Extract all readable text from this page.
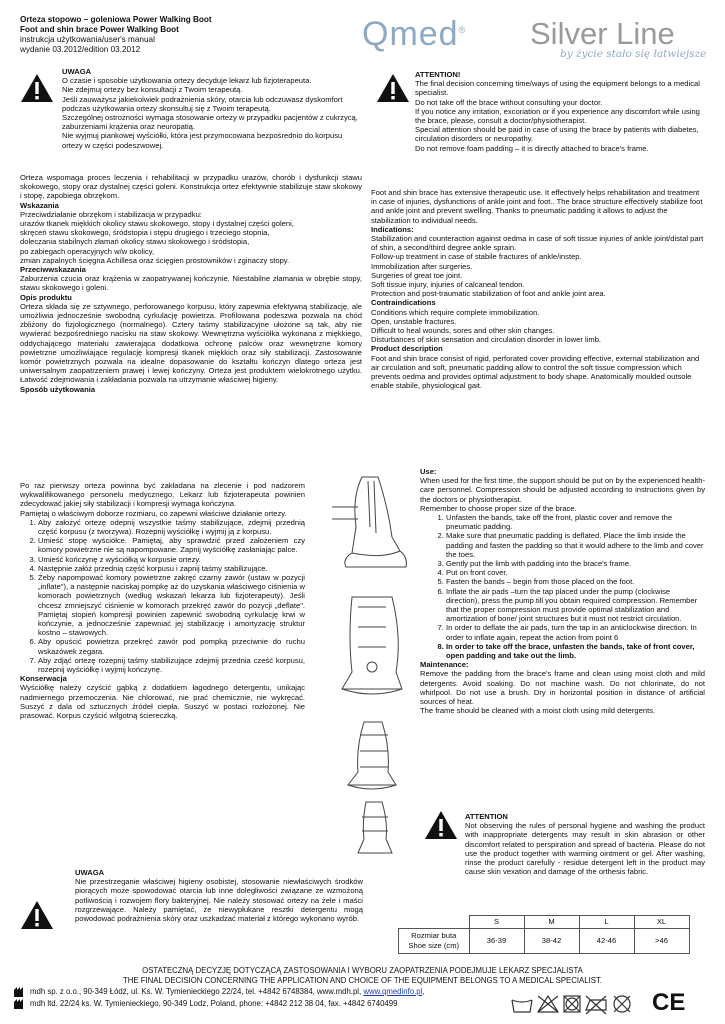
Orteza stopowo – goleniowa Power Walking Boot

Foot and shin brace Power Walking Boot

instrukcja użytkowania/user's manual

wydanie 03.2012/edition 03.2012	Qmed® Silver Line
by życie stało się łatwiejsze

UWAGA

O czasie i sposobie użytkowania ortezy decyduje lekarz lub fizjoterapeuta.

Nie zdejmuj ortezy bez konsultacji z Twoim terapeutą.

Jeśli zauważysz jakiekolwiek podrażnienia skóry, otarcia lub odczuwasz dyskomfort podczas użytkowania ortezy skonsultuj się z Twoim terapeutą.

Szczególnej ostrożności wymaga stosowanie ortezy w przypadku pacjentów z cukrzycą, zaburzeniami krążenia oraz neuropatią.

Nie wyjmuj piankowej wyściółki, która jest przymocowana bezpośrednio do korpusu ortezy w części podeszwowej.

Orteza wspomaga proces leczenia i rehabilitacji w przypadku urazów, chorób i dysfunkcji stawu skokowego, stopy oraz dystalnej części goleni. Konstrukcja ortez efektywnie stabilizuje staw skokowy i stopę, zapobiega obrzękom.

Wskazania

Przeciwdziałanie obrzękom i stabilizacja w przypadku:

urazów tkanek miękkich okolicy stawu skokowego, stopy i dystalnej części goleni,

skręceń stawu skokowego, śródstopia i stępu drugiego i trzeciego stopnia,

doleczania stabilnych złamań okolicy stawu skokowego i śródstopia,

po zabiegach operacyjnych w/w okolicy,

zmian zapalnych ścięgna Achillesa oraz ścięgien prostowników i zginaczy stopy.

Przeciwwskazania

Zaburzenia czucia oraz krążenia w zaopatrywanej kończynie. Niestabilne złamania w obrębie stopy, stawu skokowego i goleni.

Opis produktu

Orteza składa się ze sztywnego, perforowanego korpusu, który zapewnia efektywną stabilizację, ale umożliwia jednocześnie swobodną cyrkulację powietrza. Profilowana podeszwa pozwala na chód zbliżony do fizjologicznego (normalnego). Cztery taśmy stabilizacyjne ułożone są tak, aby nie wywierać bezpośredniego nacisku na staw skokowy. Wewnętrzna wyściółka wykonana z miękkiego, oddychającego materiału zawierająca dodatkowa ochronę palców oraz wewnętrzne komory powietrzne umożliwiające regulację kompresji tkanek miękkich oraz siły stabilizacji. Zastosowanie komór powietrznych pozwala na idealne dopasowanie do kształtu kończyn dlatego orteza jest uniwersalnym zaopatrzeniem prawej i lewej kończyny. Orteza jest produktem wielokrotnego użytku. Łatwość zdejmowania i zakładania pozwala na utrzymanie właściwej higieny.

Sposób użytkowania

Po raz pierwszy orteza powinna być zakładana na zlecenie i pod nadzorem wykwalifikowanego personelu medycznego. Lekarz lub fizjoterapeuta powinien zdecydować jakiej siły stabilizacji i kompresji wymaga kończyna.

Pamiętaj o właściwym doborze rozmiaru, co zapewni właściwe działanie ortezy.

1. Aby założyć ortezę odepnij wszystkie taśmy stabilizujące, zdejmij przednią część korpusu (z tworzywa). Rozepnij wyściółkę i wyjmij ją z korpusu.
2. Umieść stopę wyściółce. Pamiętaj, aby sprawdzić przed założeniem czy komory powietrzne nie są napompowane. Zapnij wyściółkę zasłaniając palce.
3. Umieść kończynę z wyściółką w korpusie ortezy.
4. Następnie załóż przednią część korpusu i zapnij taśmy stabilizujące.
5. Żeby napompować komory powietrzne zakręć czarny zawór (ustaw w pozycji „inflate"), a następnie naciskaj pompkę aż do uzyskania właściwego ciśnienia w komorach powietrznych (według wskazań lekarza lub fizjoterapeuty). Jeśli chcesz zmniejszyć ciśnienie w komorach przekręć zawór do pozycji „deflate". Pamiętaj stopień kompresji powinien zapewnić swobodną cyrkulację krwi w kończynie, a jednocześnie zapewniać jej stabilizację i amortyzację struktur kostno – stawowych.
6. Aby opuścić powietrza przekręć zawór pod pompką przeciwnie do ruchu wskazówek zegara.
7. Aby zdjąć ortezę rozepnij taśmy stabilizujące zdejmij przednia cześć korpusu, rozepnij wyściółkę i wyjmij kończynę.

Konserwacja

Wyściółkę należy czyścić gąbką z dodatkiem łagodnego detergentu, unikając nadmiernego przemoczenia. Nie chlorować, nie prać chemicznie, nie wykręcać. Suszyć z dala od sztucznych źródeł ciepła. Suszyć w postaci rozłożonej. Nie prasować. Korpus czyścić wilgotną ściereczką.

UWAGA

Nie przestrzeganie właściwej higieny osobistej, stosowanie niewłaściwych środków piorących może spowodować otarcia lub inne dolegliwości związane ze wzmożoną potliwością i rozwojem flory bakteryjnej. Nie należy stosować ortezy na żele i maści rozgrzewające. Należy pamiętać, że niewypłukane resztki detergentu mogą powodować podrażnienia skóry oraz uszkadzać materiał z którego wykonano wyrób.

ATTENTION!

The final decision concerning time/ways of using the equipment belongs to a medical specialist.

Do not take off the brace without consulting your doctor.

If you notice any irritation, excoriation or if you experience any discomfort while using the brace, please, consult a doctor/physiotherapist.

Special attention should be paid in case of using the brace by patients with diabetes, circulation disorders or neuropathy.

Do not remove foam padding – it is directly attached to brace's frame.

Foot and shin brace has extensive therapeutic use. It effectively helps rehabilitation and treatment in case of injuries, dysfunctions of ankle joint and foot.. The brace structure effectively stabilize foot and ankle joint and prevent swelling. Thanks to pneumatic padding it allows to adjust the stabilization to individual needs.

Indications:

Stabilization and counteraction against oedma in case of soft tissue injuries of ankle joint/distal part of shin, a second/third degree ankle sprain.

Follow-up treatment in case of stabile fractures of ankle/instep.

Immobilization after surgeries.

Surgeries of great toe joint.

Soft tissue injury, injuries of calcaneal tendon.

Protection and post-traumatic stabilization of foot and ankle joint area.

Contraindications

Conditions which require complete immobilization.

Open, unstable fractures.

Difficult to heal wounds, sores and other skin changes.

Disturbances of skin sensation and circulation disorder in lower limb.

Product description

Foot and shin brace consist of rigid, perforated cover providing effective, external stabilization and air circulation and soft, pneumatic padding allow to control the soft tissue compression which prevents oedma and provides optimal adjustment to body shape. Anatomically moulded outsole enable stabile, physiological gait.

Use:

When used for the first time, the support should be put on by the experienced health-care personnel. Compression should be adjusted according to instructions given by the doctors or physiotherapist.

Remember to choose proper size of the brace.

1. Unfasten the bands, take off the front, plastic cover and remove the pneumatic padding.
2. Make sure that pneumatic padding is deflated. Place the limb inside the padding and fasten the padding so that it would adhere to the limb and cover the toes.
3. Gently put the limb with padding into the brace's frame.
4. Put on front cover.
5. Fasten the bands – begin from those placed on the foot.
6. Inflate the air pads –turn the tap placed under the pump (clockwise direction), press the pump till you obtain required compression. Remember that the proper compression must provide optimal stabilization and amortization of bone/ joint structures but it must not restrict circulation.
7. In order to deflate the air pads, turn the tap in an anticlockwise direction. In order to inflate again, repeat the action from point 6
8. In order to take off the brace, unfasten the bands, take of front cover, open padding and take out the limb.

Maintenance:

Remove the padding from the brace's frame and clean using moist cloth and mild detergents. Avoid soaking. Do not machine wash. Do not chlorinate, do not whirlpool. Do not use a brush. Dry in horizontal position in distance of artificial sources of heat.

The frame should be cleaned with a moist cloth using mild detergents.

ATTENTION

Not observing the rules of personal hygiene and washing the product with inappropriate detergents may result in skin abrasion or other discomfort related to perspiration and spread of bacteria. Please do not use the product together with warming ointment or gel. After washing, rinse the product carefully - residue detergent left in the product may cause skin vexation and damage of the orthesis fabric.

	S	M	L	XL
Rozmiar buta Shoe size (cm)	36-39	38-42	42-46	>46
OSTATECZNĄ DECYZJĘ DOTYCZĄCĄ ZASTOSOWANIA I WYBORU ZAOPATRZENIA PODEJMUJE LEKARZ SPECJALISTA
THE FINAL DECISION CONCERNING THE APPLICATION AND CHOICE OF THE EQUIPMENT BELONGS TO A MEDICAL SPECIALIST.
mdh sp. z o.o., 90-349 Łódź, ul. Ks. W. Tymienieckiego 22/24, tel. +4842 6748384, www.mdh.pl, www.qmedinfo.pl,
mdh ltd. 22/24 ks. W. Tymienieckiego, 90-349 Lodz, Poland, phone: +4842 212 38 04, fax. +4842 6740499	CE
